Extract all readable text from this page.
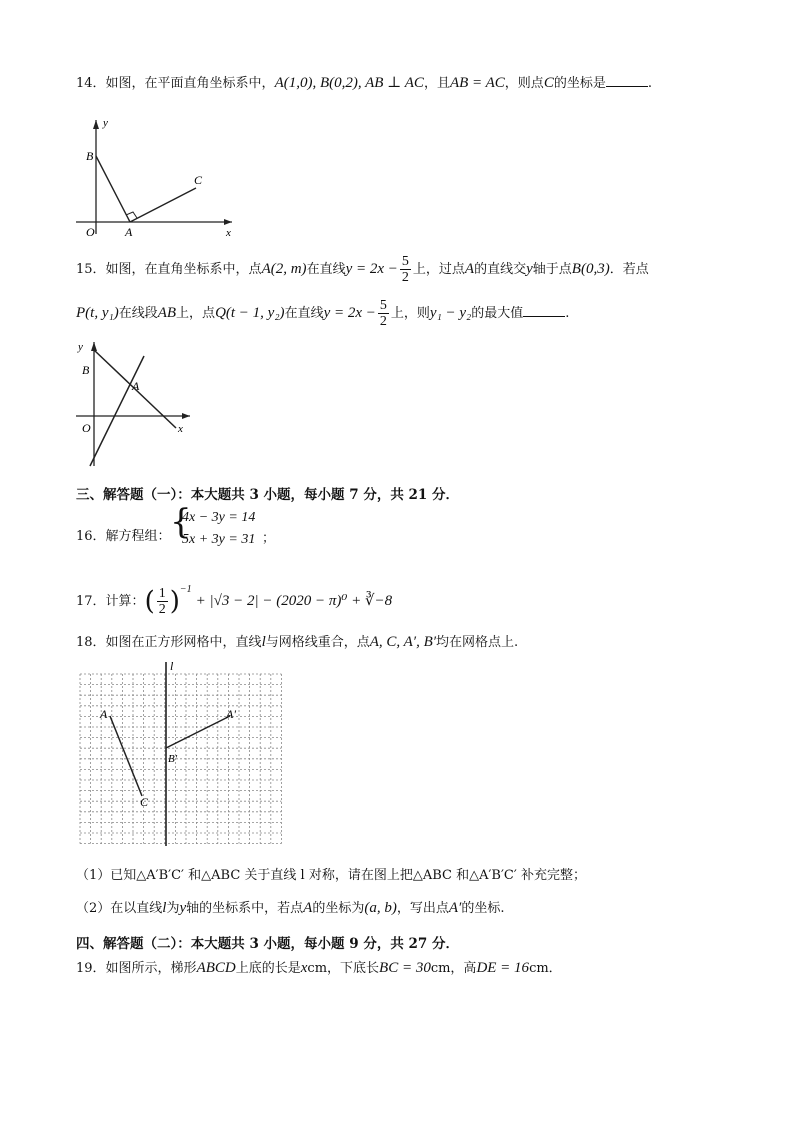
14．如图，在平面直角坐标系中，A(1,0), B(0,2), AB ⊥ AC，且AB = AC，则点C的坐标是	.
y
B
C
O	A	x
15．如图，在直角坐标系中，点A(2, m)在直线$y = 2x - \frac{5}{2}$ 上，过点A的直线交y轴于点B(0,3)．若点
P(t, y₁)在线段AB上，点Q(t − 1, y₂)在直线$y = 2x - \frac{5}{2}$ 上，则y₁ − y₂的最大值	.
y
B
A
O	x
三、解答题（一）：本大题共 3 小题，每小题 7 分，共 21 分．
16．解方程组： {
4x − 3y = 14
5x + 3y = 31 ；
17．计算：( $\frac{1}{2} )^{-1}+ |√3 - 2| - (2020 - \pi)^0$ + ∛−8
18．如图在正方形网格中，直线l与网格线重合，点A, C, A′, B′均在网格点上.
l
A	A'
B'
C
（1）已知△A′B′C′ 和△ABC 关于直线 l 对称，请在图上把△ABC 和△A′B′C′ 补充完整；
（2）在以直线l为y轴的坐标系中，若点A的坐标为(a, b)，写出点A′的坐标.
四、解答题（二）：本大题共 3 小题，每小题 9 分，共 27 分．
19．如图所示，梯形ABCD上底的长是xcm，下底长BC = 30cm，高DE = 16cm．
